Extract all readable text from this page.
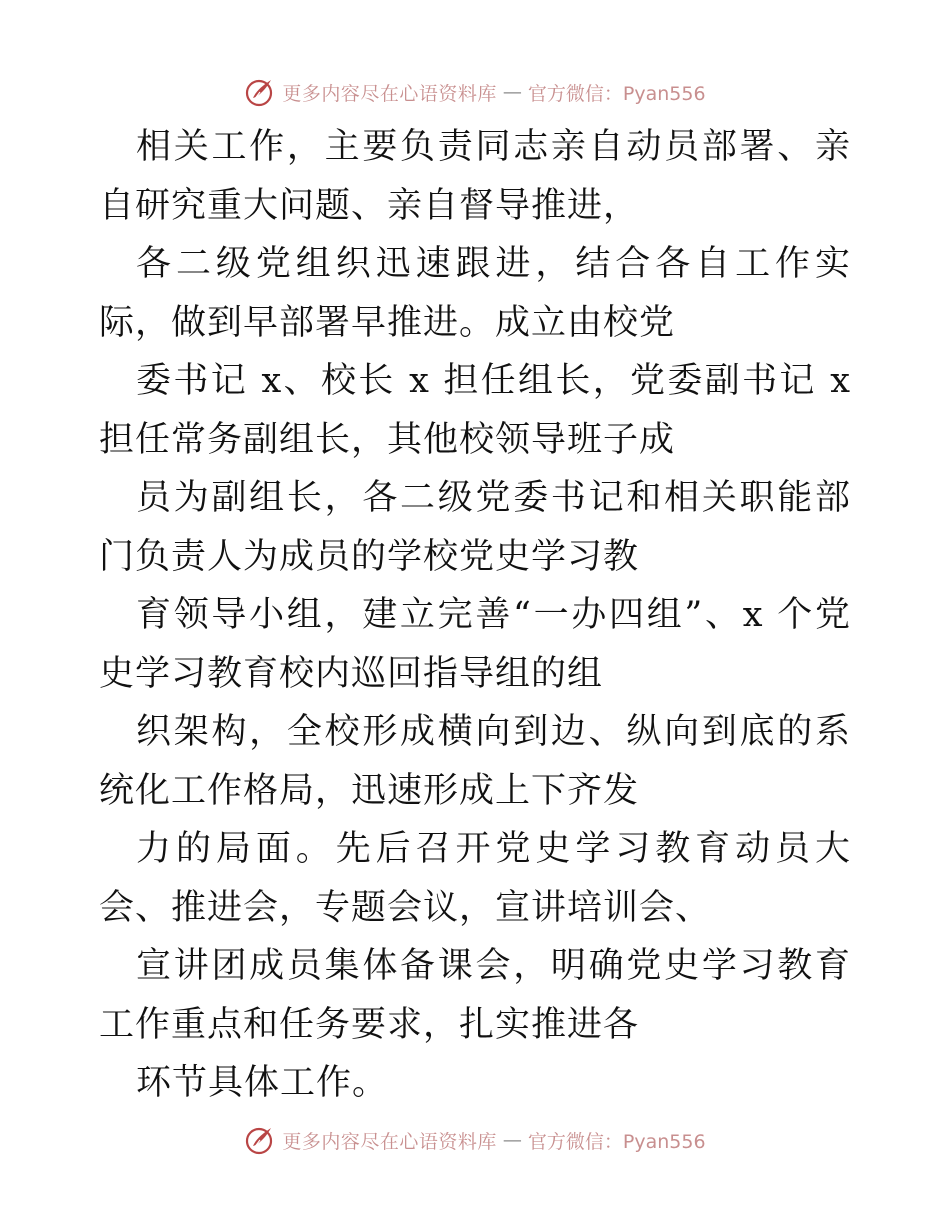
更多内容尽在心语资料库 — 官方微信：Pyan556

相关工作，主要负责同志亲自动员部署、亲自研究重大问题、亲自督导推进，

各二级党组织迅速跟进，结合各自工作实际，做到早部署早推进。成立由校党

委书记 x、校长 x 担任组长，党委副书记 x 担任常务副组长，其他校领导班子成

员为副组长，各二级党委书记和相关职能部门负责人为成员的学校党史学习教

育领导小组，建立完善“一办四组”、x 个党史学习教育校内巡回指导组的组

织架构，全校形成横向到边、纵向到底的系统化工作格局，迅速形成上下齐发

力的局面。先后召开党史学习教育动员大会、推进会，专题会议，宣讲培训会、

宣讲团成员集体备课会，明确党史学习教育工作重点和任务要求，扎实推进各

环节具体工作。

更多内容尽在心语资料库 — 官方微信：Pyan556
